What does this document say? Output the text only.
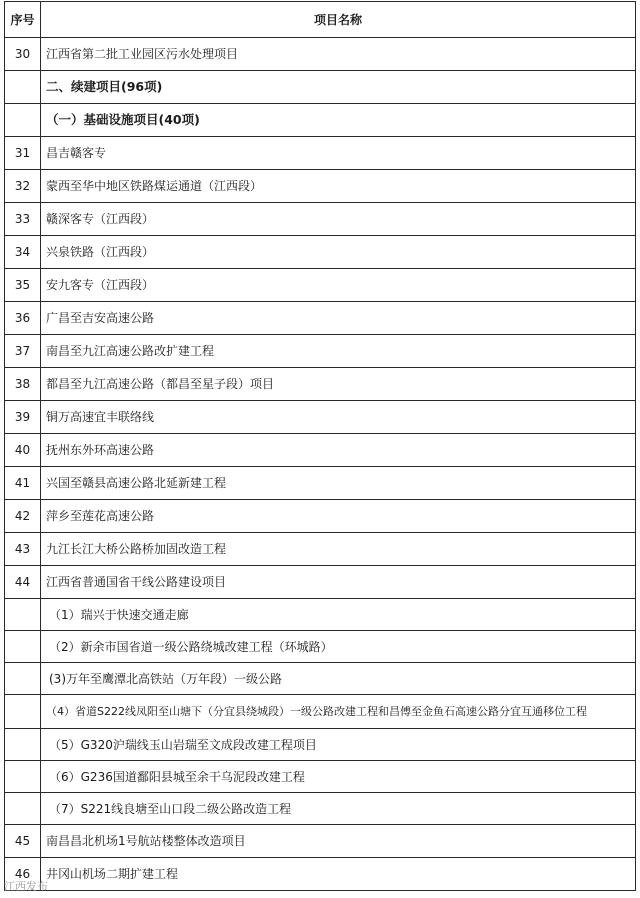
序号	项目名称
30	江西省第二批工业园区污水处理项目
	二、续建项目(96项)
	（一）基础设施项目(40项)
31	昌吉赣客专
32	蒙西至华中地区铁路煤运通道（江西段）
33	赣深客专（江西段）
34	兴泉铁路（江西段）
35	安九客专（江西段）
36	广昌至吉安高速公路
37	南昌至九江高速公路改扩建工程
38	都昌至九江高速公路（都昌至星子段）项目
39	铜万高速宜丰联络线
40	抚州东外环高速公路
41	兴国至赣县高速公路北延新建工程
42	萍乡至莲花高速公路
43	九江长江大桥公路桥加固改造工程
44	江西省普通国省干线公路建设项目
	（1）瑞兴于快速交通走廊
	（2）新余市国省道一级公路绕城改建工程（环城路）
	(3)万年至鹰潭北高铁站（万年段）一级公路
	（4）省道S222线凤阳至山塘下（分宜县绕城段）一级公路改建工程和昌傅至金鱼石高速公路分宜互通移位工程
	（5）G320沪瑞线玉山岩瑞至文成段改建工程项目
	（6）G236国道鄱阳县城至余干乌泥段改建工程
	（7）S221线良塘至山口段二级公路改造工程
45	南昌昌北机场1号航站楼整体改造项目
46	井冈山机场二期扩建工程
江西发布
